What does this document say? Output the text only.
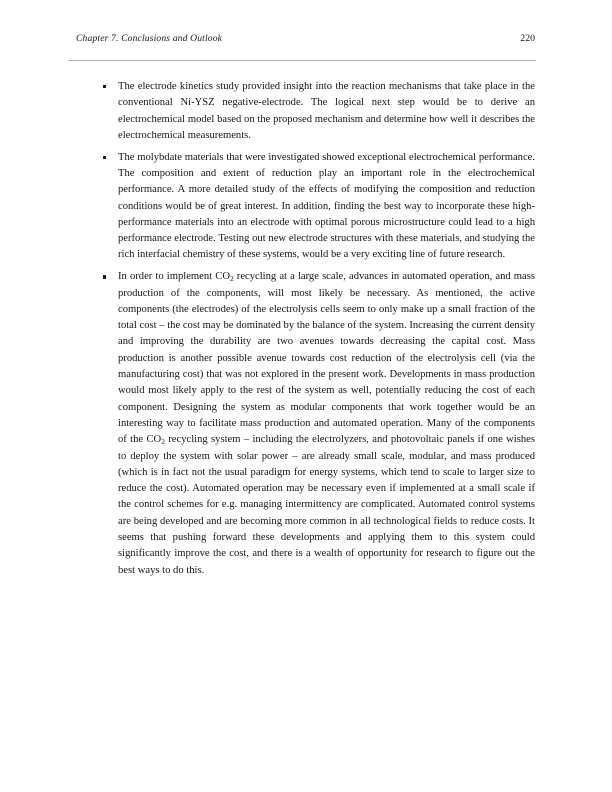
Chapter 7. Conclusions and Outlook	220
The electrode kinetics study provided insight into the reaction mechanisms that take place in the conventional Ni-YSZ negative-electrode. The logical next step would be to derive an electrochemical model based on the proposed mechanism and determine how well it describes the electrochemical measurements.
The molybdate materials that were investigated showed exceptional electrochemical performance. The composition and extent of reduction play an important role in the electrochemical performance. A more detailed study of the effects of modifying the composition and reduction conditions would be of great interest. In addition, finding the best way to incorporate these high-performance materials into an electrode with optimal porous microstructure could lead to a high performance electrode. Testing out new electrode structures with these materials, and studying the rich interfacial chemistry of these systems, would be a very exciting line of future research.
In order to implement $CO_2$ recycling at a large scale, advances in automated operation, and mass production of the components, will most likely be necessary. As mentioned, the active components (the electrodes) of the electrolysis cells seem to only make up a small fraction of the total cost – the cost may be dominated by the balance of the system. Increasing the current density and improving the durability are two avenues towards decreasing the capital cost. Mass production is another possible avenue towards cost reduction of the electrolysis cell (via the manufacturing cost) that was not explored in the present work. Developments in mass production would most likely apply to the rest of the system as well, potentially reducing the cost of each component. Designing the system as modular components that work together would be an interesting way to facilitate mass production and automated operation. Many of the components of the $CO_2$ recycling system – including the electrolyzers, and photovoltaic panels if one wishes to deploy the system with solar power – are already small scale, modular, and mass produced (which is in fact not the usual paradigm for energy systems, which tend to scale to larger size to reduce the cost). Automated operation may be necessary even if implemented at a small scale if the control schemes for e.g. managing intermittency are complicated. Automated control systems are being developed and are becoming more common in all technological fields to reduce costs. It seems that pushing forward these developments and applying them to this system could significantly improve the cost, and there is a wealth of opportunity for research to figure out the best ways to do this.
